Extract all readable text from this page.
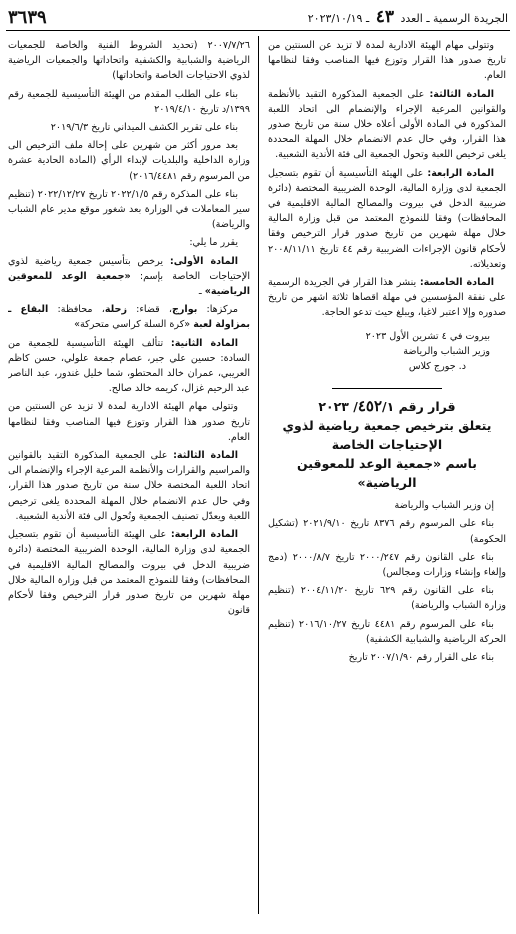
الجريدة الرسمية ـ العدد ٤٣ ـ ٢٠٢٣/١٠/١٩
٣٦٣٩

وتتولى مهام الهيئة الادارية لمدة لا تزيد عن السنتين من تاريخ صدور هذا القرار وتوزع فيها المناصب وفقا لنظامها العام.

المادة الثالثة: على الجمعية المذكورة التقيد بالأنظمة والقوانين المرعية الإجراء والإنضمام الى اتحاد اللعبة المذكورة في المادة الأولى أعلاه خلال سنة من تاريخ صدور هذا القرار، وفي حال عدم الانضمام خلال المهلة المحددة يلغى ترخيص اللعبة وتحول الجمعية الى فئة الأندية الشعبية.

المادة الرابعة: على الهيئة التأسيسية أن تقوم بتسجيل الجمعية لدى وزارة المالية، الوحدة الضريبية المختصة (دائرة ضريبية الدخل في بيروت والمصالح المالية الاقليمية في المحافظات) وفقا للنموذج المعتمد من قبل وزارة المالية خلال مهلة شهرين من تاريخ صدور قرار الترخيص وفقا لأحكام قانون الإجراءات الضريبية رقم ٤٤ تاريخ ٢٠٠٨/١١/١١ وتعديلاته.

المادة الخامسة: ينشر هذا القرار في الجريدة الرسمية على نفقة المؤسسين في مهلة اقصاها ثلاثة اشهر من تاريخ صدوره وإلا اعتبر لاغيا، ويبلغ حيث تدعو الحاجة.

بيروت في ٤ تشرين الأول ٢٠٢٣

وزير الشباب والرياضة

د. جورج كلاس

قرار رقم ٤٥٢/١/ ٢٠٢٣

يتعلق بترخيص جمعية رياضية لذوي الإحتياجات الخاصة

باسم «جمعية الوعد للمعوقين الرياضية»

إن وزير الشباب والرياضة

بناء على المرسوم رقم ٨٣٧٦ تاريخ ٢٠٢١/٩/١٠ (تشكيل الحكومة)

بناء على القانون رقم ٢٠٠٠/٢٤٧ تاريخ ٢٠٠٠/٨/٧ (دمج وإلغاء وإنشاء وزارات ومجالس)

بناء على القانون رقم ٦٢٩ تاريخ ٢٠٠٤/١١/٢٠ (تنظيم وزارة الشباب والرياضة)

بناء على المرسوم رقم ٤٤٨١ تاريخ ٢٠١٦/١٠/٢٧ (تنظيم الحركة الرياضية والشبابية الكشفية)

بناء على القرار رقم ٢٠٠٧/١/٩٠ تاريخ

٢٠٠٧/٧/٢٦ (تحديد الشروط الفنية والخاصة للجمعيات الرياضية والشبابية والكشفية واتحاداتها والجمعيات الرياضية لذوي الاحتياجات الخاصة واتحاداتها)

بناء على الطلب المقدم من الهيئة التأسيسية للجمعية رقم ١٣٩٩/د تاريخ ٢٠١٩/٤/١٠

بناء على تقرير الكشف الميداني تاريخ ٢٠١٩/٦/٣

بعد مرور أكثر من شهرين على إحالة ملف الترخيص الى وزارة الداخلية والبلديات لإبداء الرأي (المادة الحادية عشرة من المرسوم رقم ٢٠١٦/٤٤٨١)

بناء على المذكرة رقم ٢٠٢٢/١/٥ تاريخ ٢٠٢٢/١٢/٢٧ (تنظيم سير المعاملات في الوزارة بعد شغور موقع مدير عام الشباب والرياضة)

يقرر ما يلي:

المادة الأولى: يرخص بتأسيس جمعية رياضية لذوي الإحتياجات الخاصة بإسم: «جمعية الوعد للمعوقين الرياضية» ـ

مركزها: بوارج، قضاء: زحلة، محافظة: البقاع ـ بمزاولة لعبة «كرة السلة كراسي متحركة»

المادة الثانية: تتألف الهيئة التأسيسية للجمعية من السادة: حسين علي جبر، عصام جمعة علولي، حسن كاظم العريبي، عمران خالد المحتطو، شما خليل غندور، عبد الناصر عبد الرحيم غزال، كريمه خالد صالح.

وتتولى مهام الهيئة الادارية لمدة لا تزيد عن السنتين من تاريخ صدور هذا القرار وتوزع فيها المناصب وفقا لنظامها العام.

المادة الثالثة: على الجمعية المذكورة التقيد بالقوانين والمراسيم والقرارات والأنظمة المرعية الإجراء والإنضمام الى اتحاد اللعبة المختصة خلال سنة من تاريخ صدور هذا القرار، وفي حال عدم الانضمام خلال المهلة المحددة يلغى ترخيص اللعبة ويعدّل تصنيف الجمعية وتُحول الى فئة الأندية الشعبية.

المادة الرابعة: على الهيئة التأسيسية أن تقوم بتسجيل الجمعية لدى وزارة المالية، الوحدة الضريبية المختصة (دائرة ضريبية الدخل في بيروت والمصالح المالية الاقليمية في المحافظات) وفقا للنموذج المعتمد من قبل وزارة المالية خلال مهلة شهرين من تاريخ صدور قرار الترخيص وفقا لأحكام قانون
